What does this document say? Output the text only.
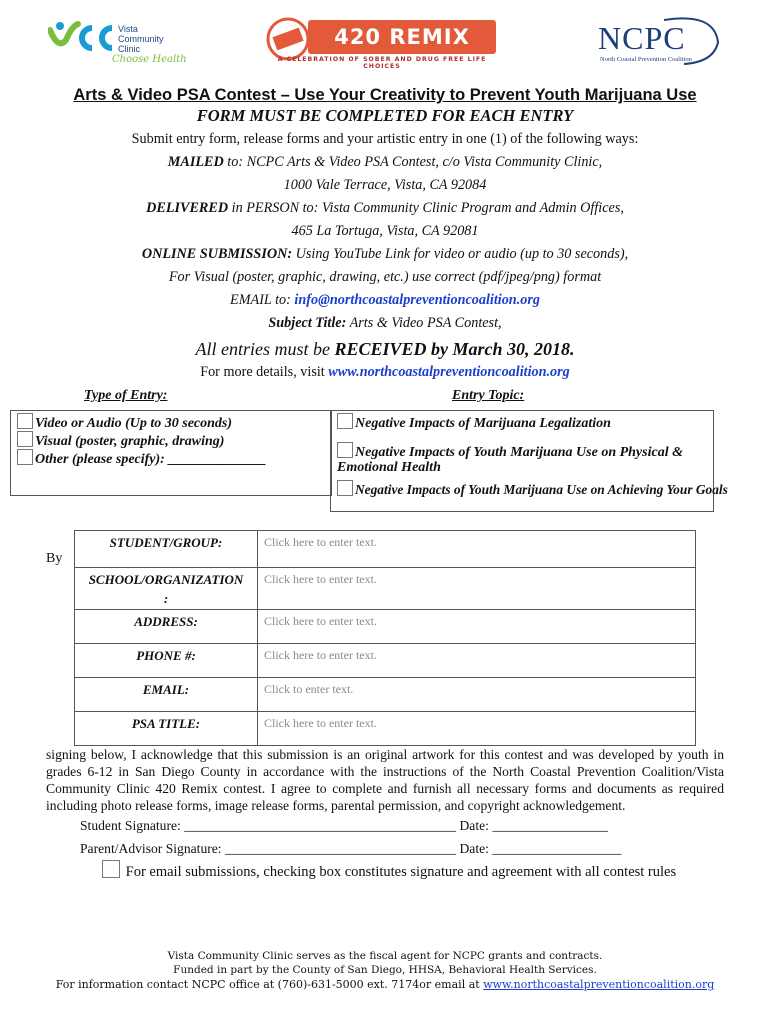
Vista
Community
Clinic
Choose Health
420 REMIX
A CELEBRATION OF SOBER AND DRUG FREE LIFE CHOICES
NCPC
North Coastal Prevention Coalition
Arts & Video PSA Contest – Use Your Creativity to Prevent Youth Marijuana Use
FORM MUST BE COMPLETED FOR EACH ENTRY
Submit entry form, release forms and your artistic entry in one (1) of the following ways:
MAILED to: NCPC Arts & Video PSA Contest, c/o Vista Community Clinic,
1000 Vale Terrace, Vista, CA 92084
DELIVERED in PERSON to: Vista Community Clinic Program and Admin Offices,
465 La Tortuga, Vista, CA 92081
ONLINE SUBMISSION: Using YouTube Link for video or audio (up to 30 seconds),
For Visual (poster, graphic, drawing, etc.) use correct (pdf/jpeg/png) format
EMAIL to: info@northcoastalpreventioncoalition.org
Subject Title: Arts & Video PSA Contest,
All entries must be RECEIVED by March 30, 2018.
For more details, visit www.northcoastalpreventioncoalition.org
Type of Entry:	Entry Topic:
Video or Audio (Up to 30 seconds)
Visual (poster, graphic, drawing)
Other (please specify): ______________
Negative Impacts of Marijuana Legalization
Negative Impacts of Youth Marijuana Use on Physical &
Emotional Health
Negative Impacts of Youth Marijuana Use on Achieving Your Goals
By
STUDENT/GROUP:	Click here to enter text.

SCHOOL/ORGANIZATION
:	Click here to enter text.
ADDRESS:	Click here to enter text.
PHONE #:	Click here to enter text.
EMAIL:	Click to enter text.
PSA TITLE:	Click here to enter text.
signing below, I acknowledge that this submission is an original artwork for this contest and was developed by youth in grades 6-12 in San Diego County in accordance with the instructions of the North Coastal Prevention Coalition/Vista Community Clinic 420 Remix contest. I agree to complete and furnish all necessary forms and documents as required including photo release forms, image release forms, parental permission, and copyright acknowledgement.
Student Signature: ________________________________________ Date: _________________
Parent/Advisor Signature: __________________________________ Date: ___________________
For email submissions, checking box constitutes signature and agreement with all contest rules
Vista Community Clinic serves as the fiscal agent for NCPC grants and contracts.
Funded in part by the County of San Diego, HHSA, Behavioral Health Services.
For information contact NCPC office at (760)-631-5000 ext. 7174or email at www.northcoastalpreventioncoalition.org
